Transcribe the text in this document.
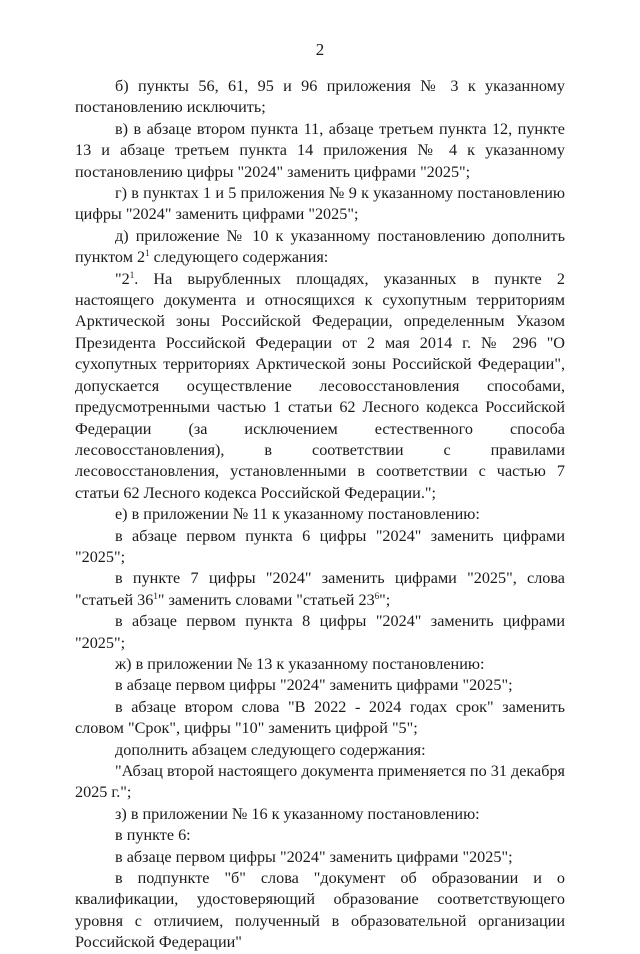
2

б) пункты 56, 61, 95 и 96 приложения № 3 к указанному постановлению исключить;

в) в абзаце втором пункта 11, абзаце третьем пункта 12, пункте 13 и абзаце третьем пункта 14 приложения № 4 к указанному постановлению цифры "2024" заменить цифрами "2025";

г) в пунктах 1 и 5 приложения № 9 к указанному постановлению цифры "2024" заменить цифрами "2025";

д) приложение № 10 к указанному постановлению дополнить пунктом $2^1$ следующего содержания:

"$2^1$. На вырубленных площадях, указанных в пункте 2 настоящего документа и относящихся к сухопутным территориям Арктической зоны Российской Федерации, определенным Указом Президента Российской Федерации от 2 мая 2014 г. № 296 "О сухопутных территориях Арктической зоны Российской Федерации", допускается осуществление лесовосстановления способами, предусмотренными частью 1 статьи 62 Лесного кодекса Российской Федерации (за исключением естественного способа лесовосстановления), в соответствии с правилами лесовосстановления, установленными в соответствии с частью 7 статьи 62 Лесного кодекса Российской Федерации.";

е) в приложении № 11 к указанному постановлению:

в абзаце первом пункта 6 цифры "2024" заменить цифрами "2025";

в пункте 7 цифры "2024" заменить цифрами "2025", слова "статьей $36^1$" заменить словами "статьей $23^6$";

в абзаце первом пункта 8 цифры "2024" заменить цифрами "2025";

ж) в приложении № 13 к указанному постановлению:

в абзаце первом цифры "2024" заменить цифрами "2025";

в абзаце втором слова "В 2022 - 2024 годах срок" заменить словом "Срок", цифры "10" заменить цифрой "5";

дополнить абзацем следующего содержания:

"Абзац второй настоящего документа применяется по 31 декабря 2025 г.";

з) в приложении № 16 к указанному постановлению:

в пункте 6:

в абзаце первом цифры "2024" заменить цифрами "2025";

в подпункте "б" слова "документ об образовании и о квалификации, удостоверяющий образование соответствующего уровня с отличием, полученный в образовательной организации Российской Федерации"
